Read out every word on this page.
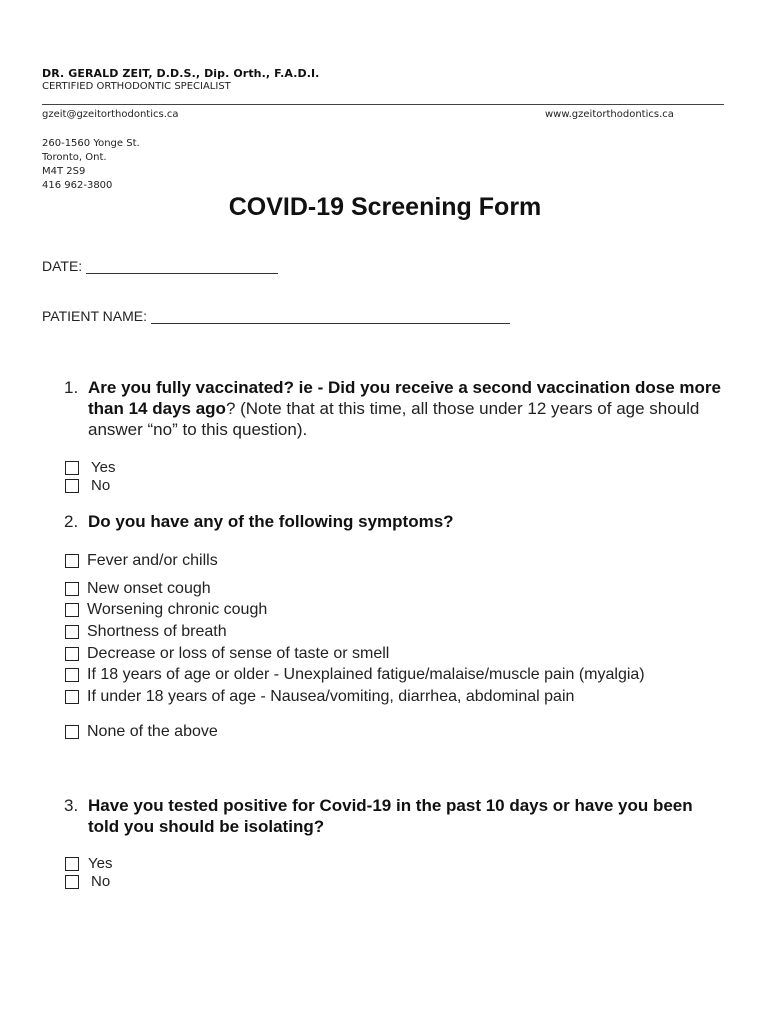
DR. GERALD ZEIT, D.D.S., Dip. Orth., F.A.D.I.
CERTIFIED ORTHODONTIC SPECIALIST
gzeit@gzeitorthodontics.ca	www.gzeitorthodontics.ca
260-1560 Yonge St.
Toronto, Ont.
M4T 2S9
416 962-3800
COVID-19 Screening Form
DATE:
PATIENT NAME:
1. Are you fully vaccinated? ie - Did you receive a second vaccination dose more than 14 days ago? (Note that at this time, all those under 12 years of age should answer “no” to this question).
Yes
No
2. Do you have any of the following symptoms?
Fever and/or chills
New onset cough
Worsening chronic cough
Shortness of breath
Decrease or loss of sense of taste or smell
If 18 years of age or older - Unexplained fatigue/malaise/muscle pain (myalgia)
If under 18 years of age - Nausea/vomiting, diarrhea, abdominal pain
None of the above
3. Have you tested positive for Covid-19 in the past 10 days or have you been told you should be isolating?
Yes
No
